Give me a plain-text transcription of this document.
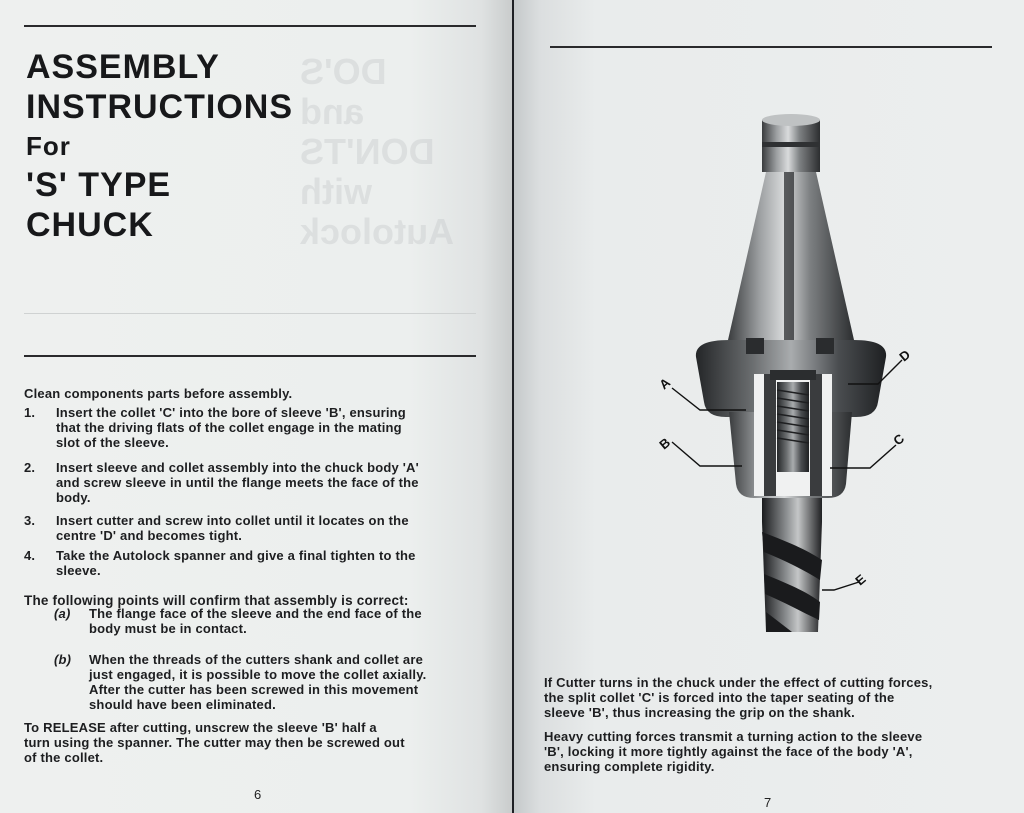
DO'S
and
DON'TS
with
Autolock
ASSEMBLY
INSTRUCTIONS
For
'S' TYPE
CHUCK
Clean components parts before assembly.
1. Insert the collet 'C' into the bore of sleeve 'B', ensuring
that the driving flats of the collet engage in the mating
slot of the sleeve.
2. Insert sleeve and collet assembly into the chuck body 'A'
and screw sleeve in until the flange meets the face of the
body.
3. Insert cutter and screw into collet until it locates on the
centre 'D' and becomes tight.
4. Take the Autolock spanner and give a final tighten to the
sleeve.
The following points will confirm that assembly is correct:
(a) The flange face of the sleeve and the end face of the
body must be in contact.
(b) When the threads of the cutters shank and collet are
just engaged, it is possible to move the collet axially.
After the cutter has been screwed in this movement
should have been eliminated.
To RELEASE after cutting, unscrew the sleeve 'B' half a
turn using the spanner. The cutter may then be screwed out
of the collet.
6
A
B	C
D
E
If Cutter turns in the chuck under the effect of cutting forces,
the split collet 'C' is forced into the taper seating of the
sleeve 'B', thus increasing the grip on the shank.
Heavy cutting forces transmit a turning action to the sleeve
'B', locking it more tightly against the face of the body 'A',
ensuring complete rigidity.
7
